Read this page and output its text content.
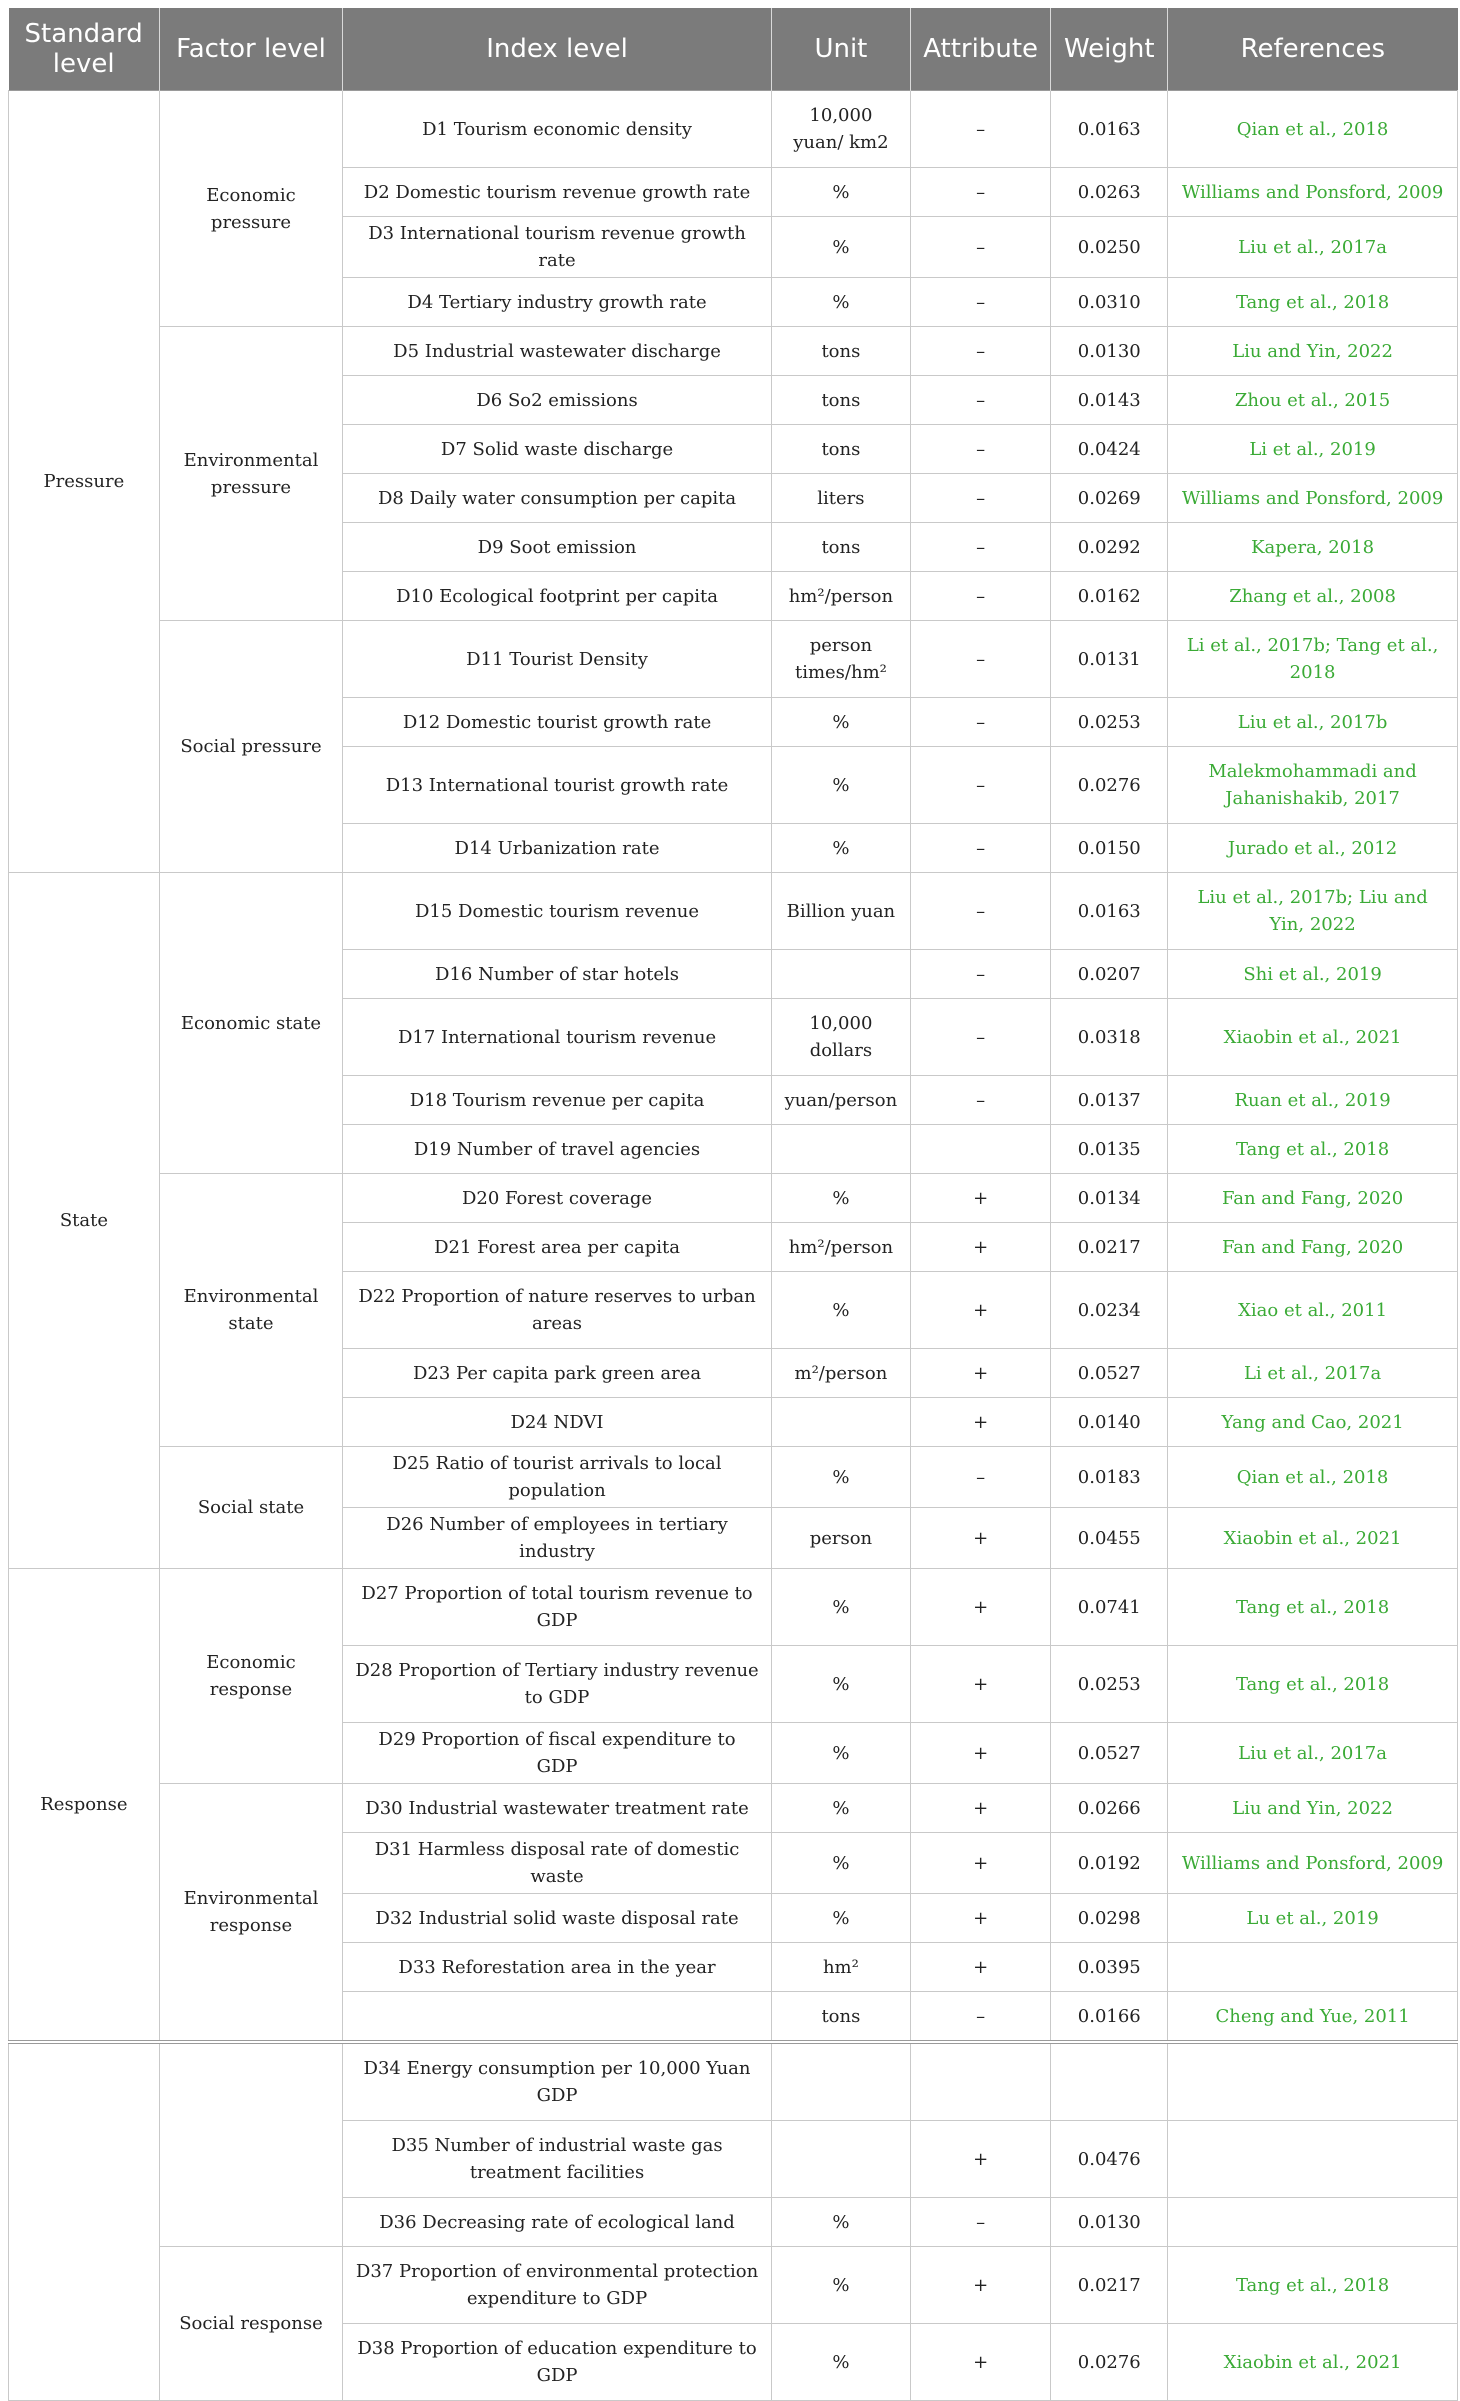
Standard level	Factor level	Index level	Unit	Attribute	Weight	References
Pressure	Economic pressure	D1 Tourism economic density	10,000 yuan/ km2	–	0.0163	Qian et al., 2018
		D2 Domestic tourism revenue growth rate	%	–	0.0263	Williams and Ponsford, 2009
		D3 International tourism revenue growth rate	%	–	0.0250	Liu et al., 2017a
		D4 Tertiary industry growth rate	%	–	0.0310	Tang et al., 2018
	Environmental pressure	D5 Industrial wastewater discharge	tons	–	0.0130	Liu and Yin, 2022
		D6 So2 emissions	tons	–	0.0143	Zhou et al., 2015
		D7 Solid waste discharge	tons	–	0.0424	Li et al., 2019
		D8 Daily water consumption per capita	liters	–	0.0269	Williams and Ponsford, 2009
		D9 Soot emission	tons	–	0.0292	Kapera, 2018
		D10 Ecological footprint per capita	hm²/person	–	0.0162	Zhang et al., 2008
	Social pressure	D11 Tourist Density	person times/hm²	–	0.0131	Li et al., 2017b; Tang et al., 2018
		D12 Domestic tourist growth rate	%	–	0.0253	Liu et al., 2017b
		D13 International tourist growth rate	%	–	0.0276	Malekmohammadi and Jahanishakib, 2017
		D14 Urbanization rate	%	–	0.0150	Jurado et al., 2012
State	Economic state	D15 Domestic tourism revenue	Billion yuan	–	0.0163	Liu et al., 2017b; Liu and Yin, 2022
		D16 Number of star hotels		–	0.0207	Shi et al., 2019
		D17 International tourism revenue	10,000 dollars	–	0.0318	Xiaobin et al., 2021
		D18 Tourism revenue per capita	yuan/person	–	0.0137	Ruan et al., 2019
		D19 Number of travel agencies			0.0135	Tang et al., 2018
	Environmental state	D20 Forest coverage	%	+	0.0134	Fan and Fang, 2020
		D21 Forest area per capita	hm²/person	+	0.0217	Fan and Fang, 2020
		D22 Proportion of nature reserves to urban areas	%	+	0.0234	Xiao et al., 2011
		D23 Per capita park green area	m²/person	+	0.0527	Li et al., 2017a
		D24 NDVI		+	0.0140	Yang and Cao, 2021
	Social state	D25 Ratio of tourist arrivals to local population	%	–	0.0183	Qian et al., 2018
		D26 Number of employees in tertiary industry	person	+	0.0455	Xiaobin et al., 2021
Response	Economic response	D27 Proportion of total tourism revenue to GDP	%	+	0.0741	Tang et al., 2018
		D28 Proportion of Tertiary industry revenue to GDP	%	+	0.0253	Tang et al., 2018
		D29 Proportion of fiscal expenditure to GDP	%	+	0.0527	Liu et al., 2017a
	Environmental response	D30 Industrial wastewater treatment rate	%	+	0.0266	Liu and Yin, 2022
		D31 Harmless disposal rate of domestic waste	%	+	0.0192	Williams and Ponsford, 2009
		D32 Industrial solid waste disposal rate	%	+	0.0298	Lu et al., 2019
		D33 Reforestation area in the year	hm²	+	0.0395	
			tons	–	0.0166	Cheng and Yue, 2011
		D34 Energy consumption per 10,000 Yuan GDP				
		D35 Number of industrial waste gas treatment facilities		+	0.0476	
		D36 Decreasing rate of ecological land	%	–	0.0130	
	Social response	D37 Proportion of environmental protection expenditure to GDP	%	+	0.0217	Tang et al., 2018
		D38 Proportion of education expenditure to GDP	%	+	0.0276	Xiaobin et al., 2021
